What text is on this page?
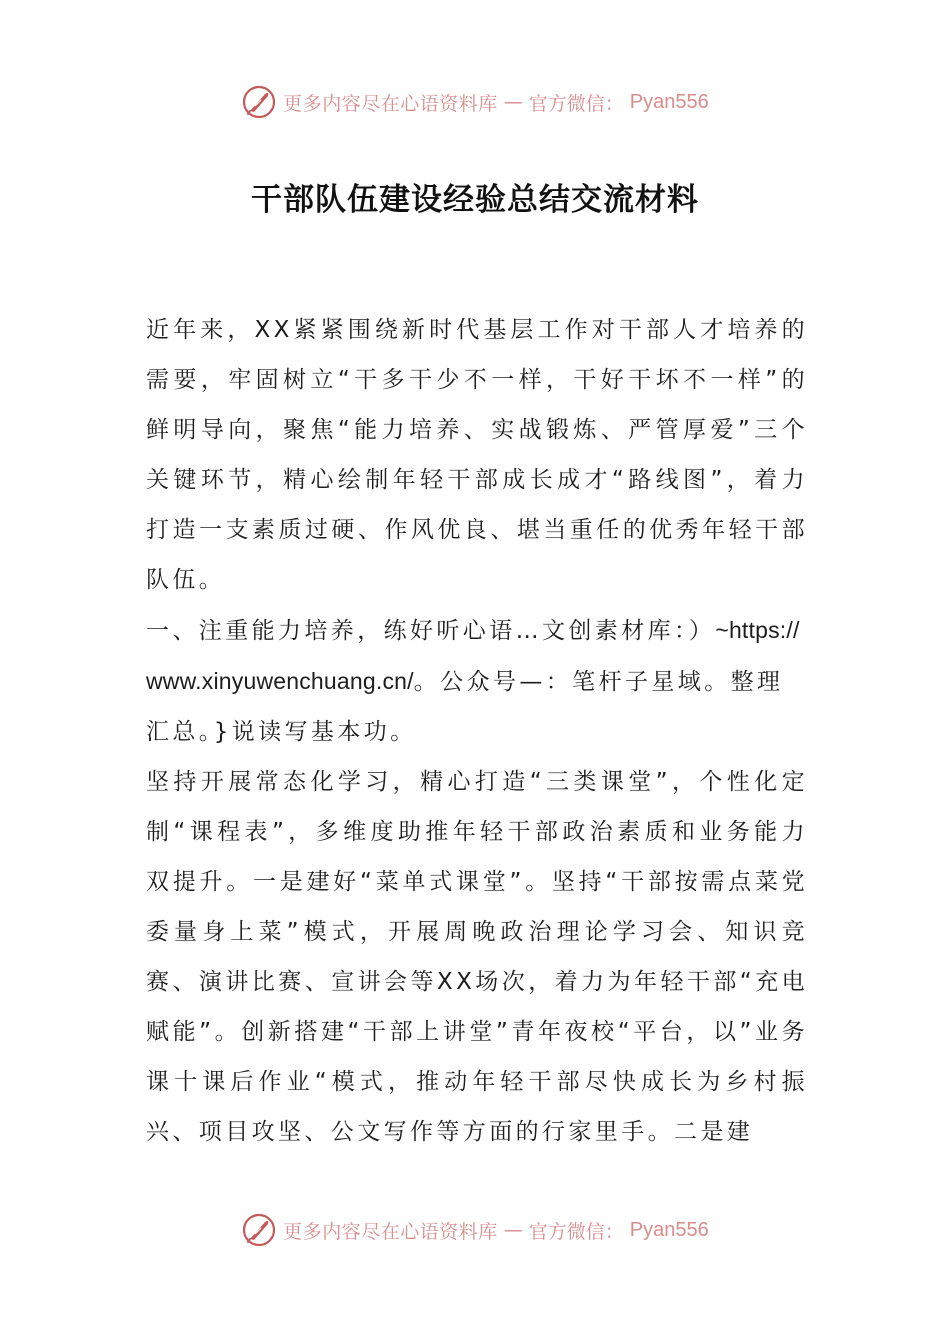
更多内容尽在心语资料库 — 官方微信： Pyan556
干部队伍建设经验总结交流材料

近年来，XX紧紧围绕新时代基层工作对干部人才培养的需要，牢固树立“干多干少不一样，干好干坏不一样”的鲜明导向，聚焦“能力培养、实战锻炼、严管厚爱”三个关键环节，精心绘制年轻干部成长成才“路线图”，着力打造一支素质过硬、作风优良、堪当重任的优秀年轻干部队伍。

一、注重能力培养，练好听心语…文创素材库：）~https://www.xinyuwenchuang.cn/。公众号—：笔杆子星域。整理汇总。}说读写基本功。

坚持开展常态化学习，精心打造“三类课堂”，个性化定制“课程表”，多维度助推年轻干部政治素质和业务能力双提升。一是建好“菜单式课堂”。坚持“干部按需点菜党委量身上菜”模式，开展周晚政治理论学习会、知识竞赛、演讲比赛、宣讲会等XX场次，着力为年轻干部“充电赋能”。创新搭建“干部上讲堂”青年夜校“平台，以”业务课十课后作业“模式，推动年轻干部尽快成长为乡村振兴、项目攻坚、公文写作等方面的行家里手。二是建

更多内容尽在心语资料库 — 官方微信： Pyan556
